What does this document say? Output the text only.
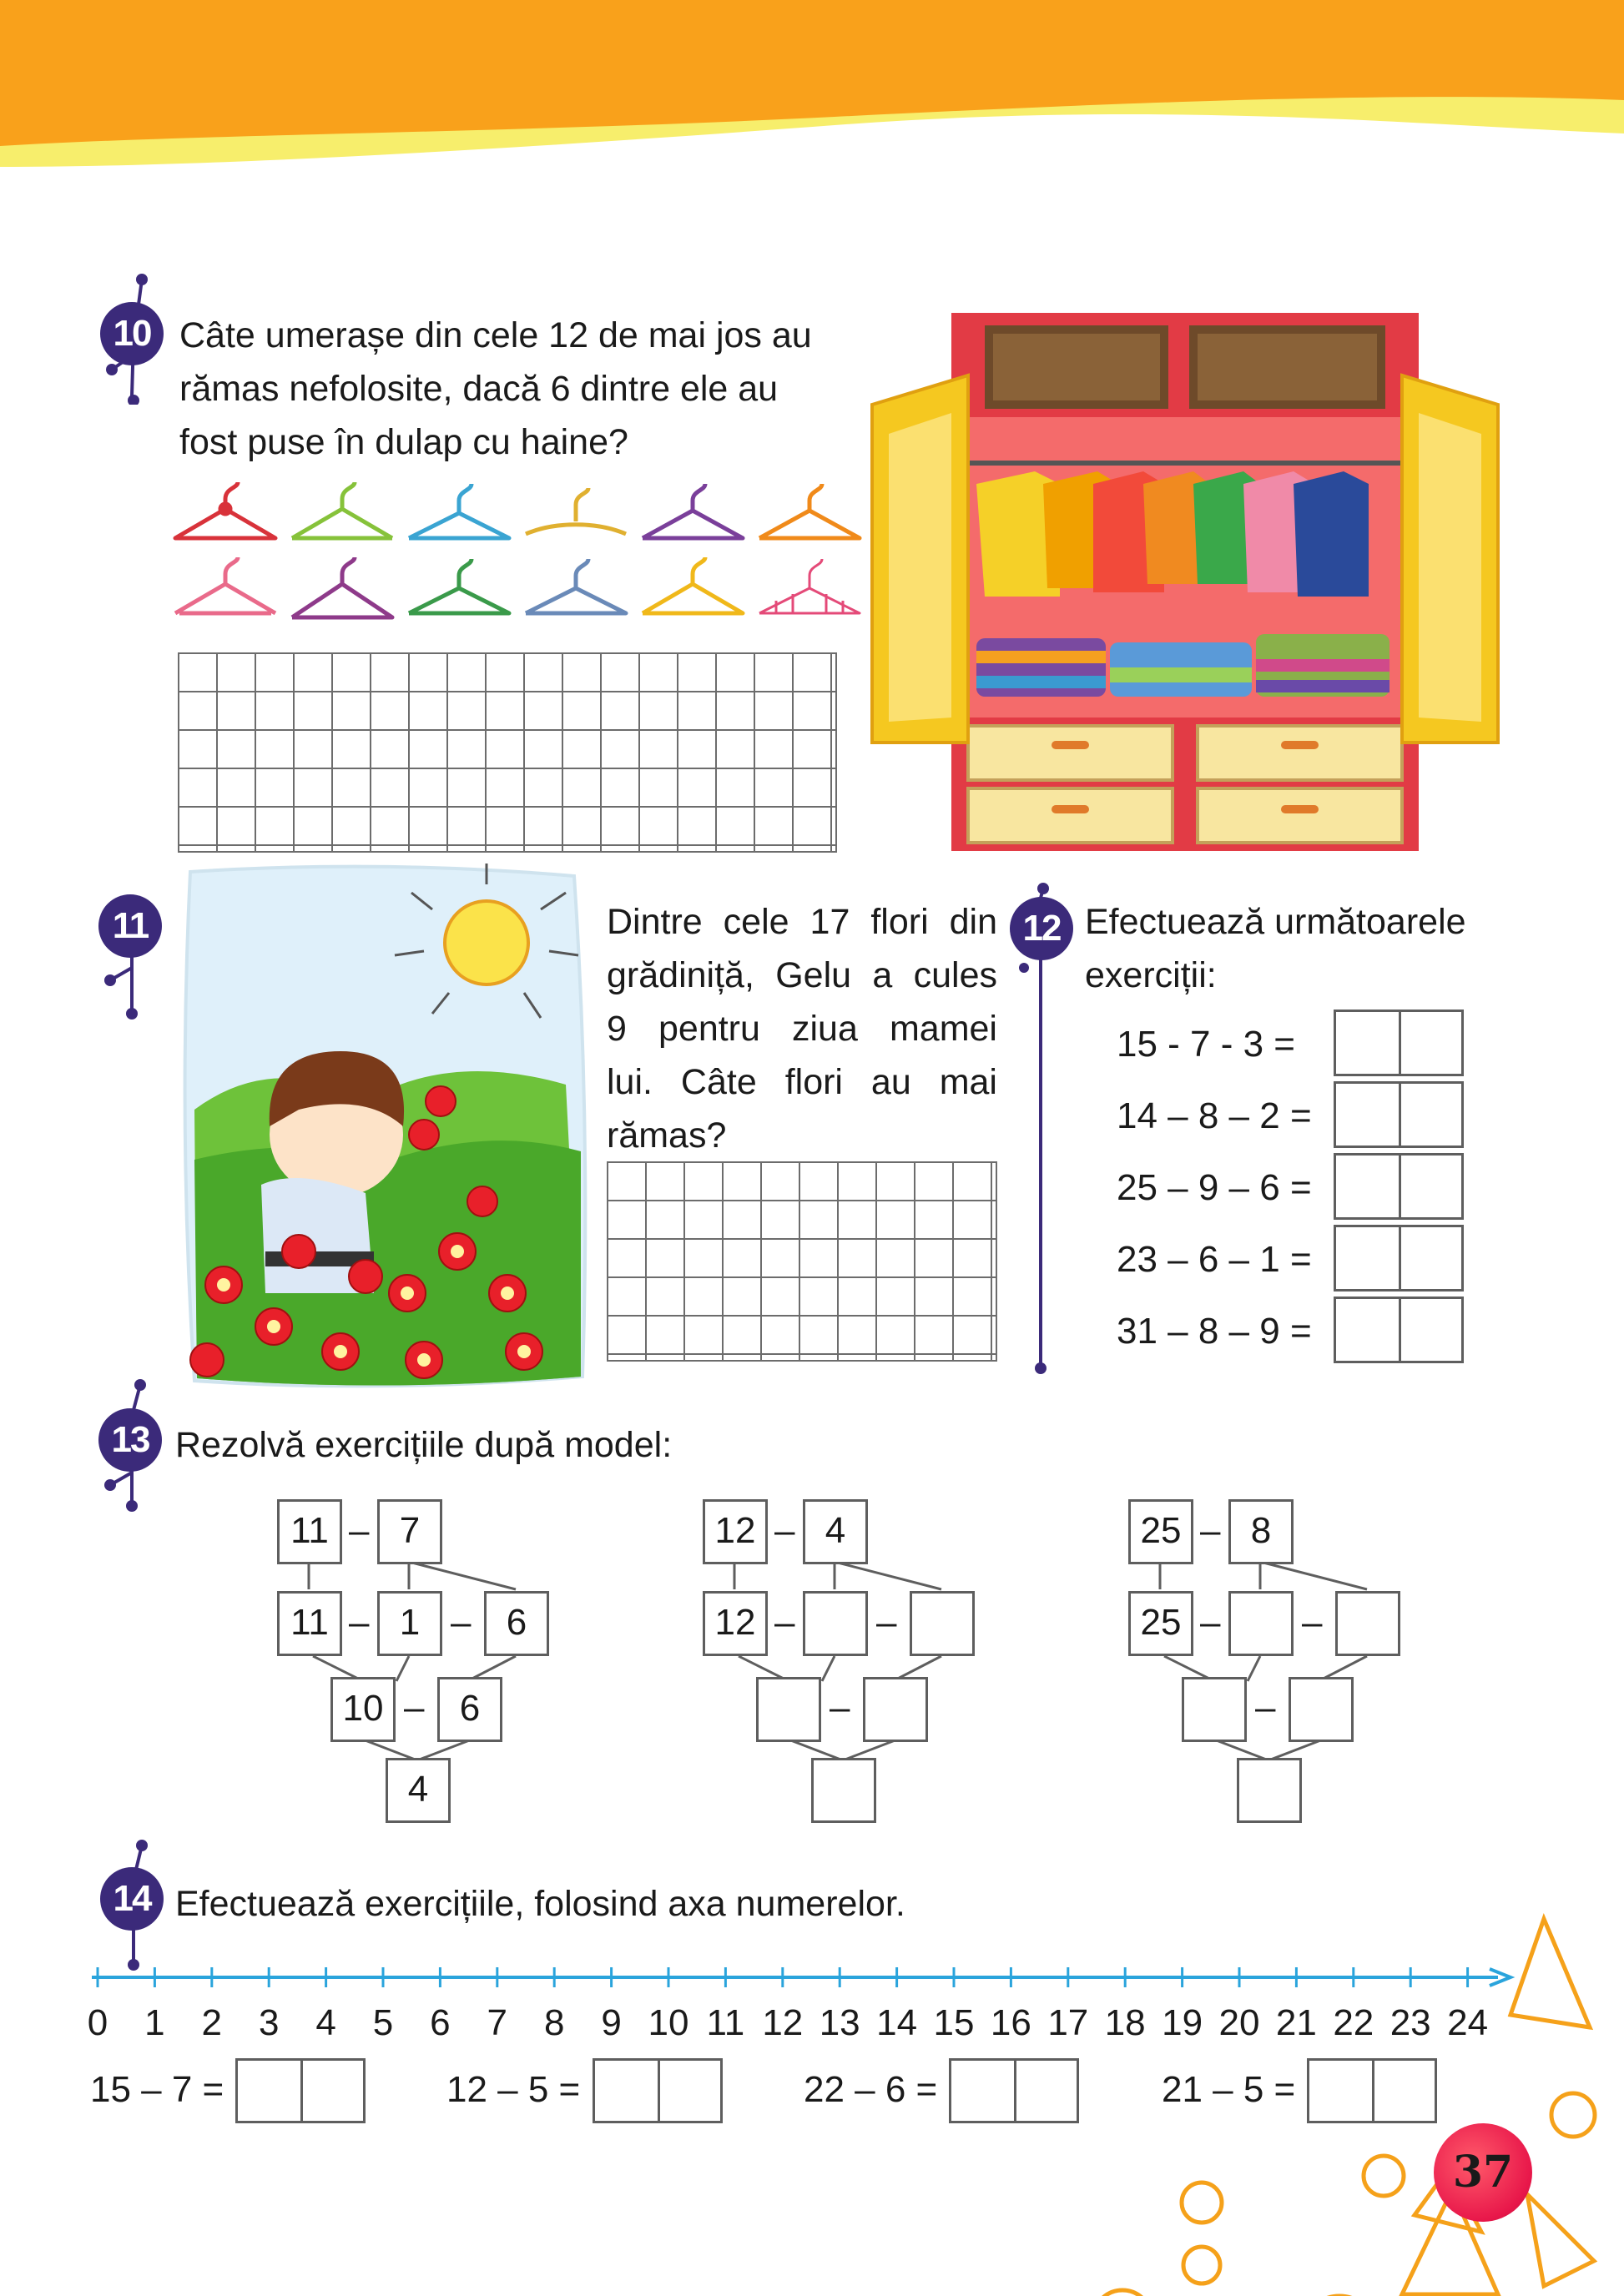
10 Câte umerașe din cele 12 de mai jos au
rămas nefolosite, dacă 6 dintre ele au
fost puse în dulap cu haine?
11	Dintre cele 17 flori din
grădiniță, Gelu a cules
9 pentru ziua mamei
lui. Câte flori au mai
rămas?
12 Efectuează următoarele
exerciții:
15 - 7 - 3 =
14 – 8 – 2 =
25 – 9 – 6 =
23 – 6 – 1 =
31 – 8 – 9 =
13 Rezolvă exercițiile după model:
11 – 7
11 – 1 – 6
10 – 6
4
12 – 4
12 – –
–
25 – 8
25 – –
–
14 Efectuează exercițiile, folosind axa numerelor.
0 1 2 3 4 5 6 7 8 9 10 11 12 13 14 15 16 17 18 19 20 21 22 23 24
15 – 7 =	12 – 5 =	22 – 6 =	21 – 5 =
37
